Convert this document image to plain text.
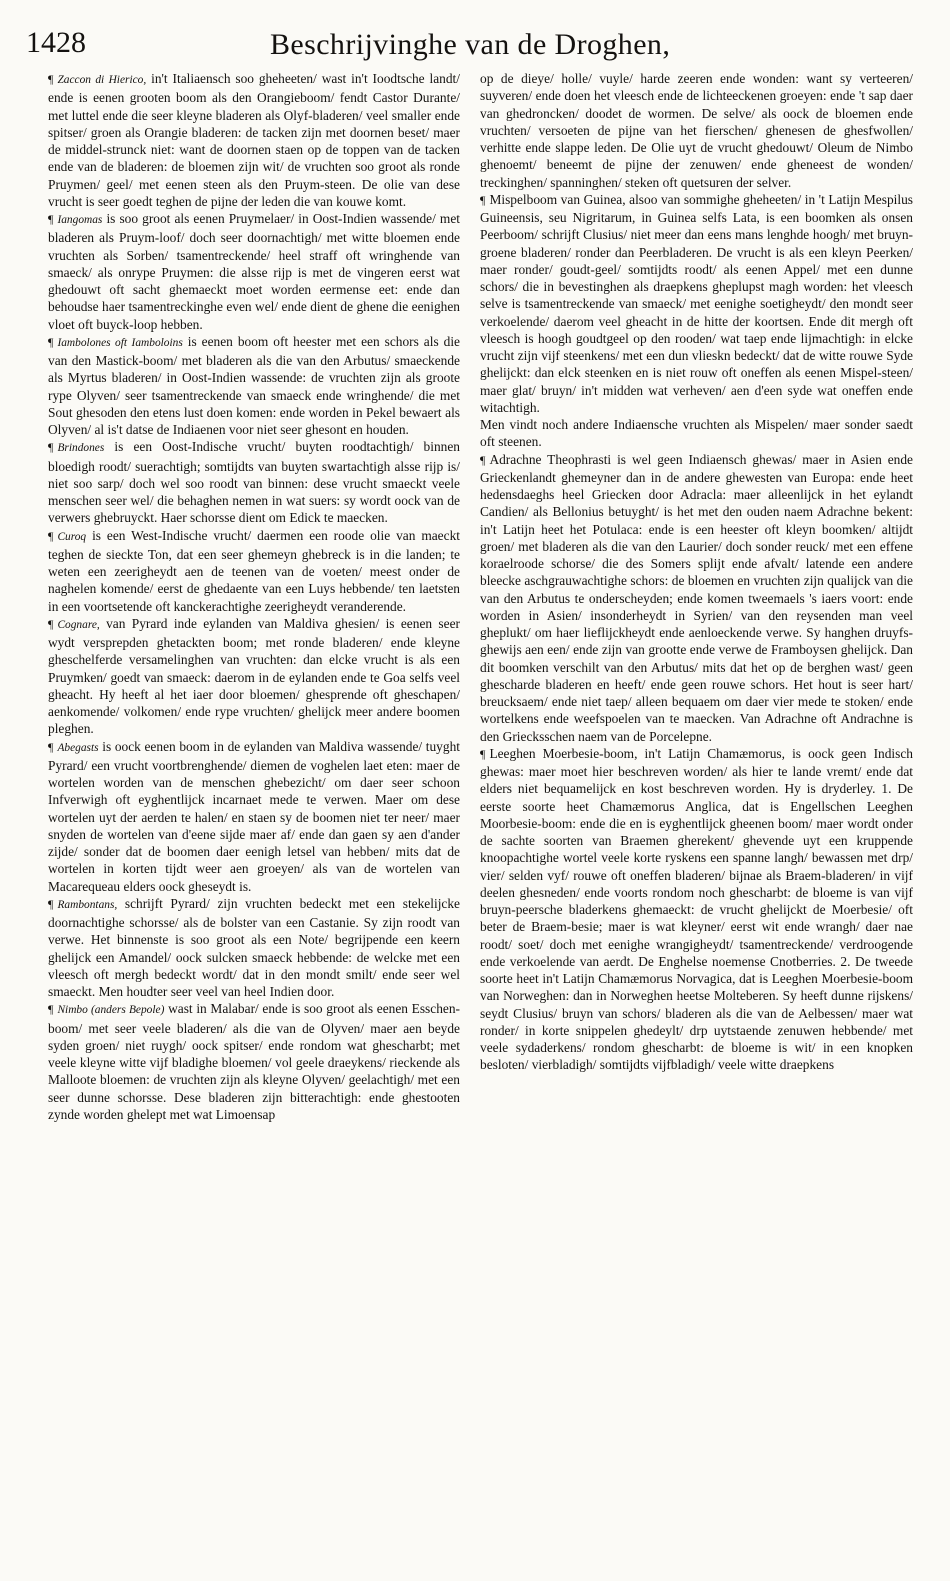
1428	Beschrijvinghe van de Droghen,

¶ Zaccon di Hierico, in't Italiaensch soo gheheeten/ wast in't Ioodtsche landt/ ende is eenen grooten boom als den Orangieboom/ fendt Castor Durante/ met luttel ende die seer kleyne bladeren als Olyf-bladeren/ veel smaller ende spitser/ groen als Orangie bladeren: de tacken zijn met doornen beset/ maer de middel-strunck niet: want de doornen staen op de toppen van de tacken ende van de bladeren: de bloemen zijn wit/ de vruchten soo groot als ronde Pruymen/ geel/ met eenen steen als den Pruym-steen. De olie van dese vrucht is seer goedt teghen de pijne der leden die van kouwe komt.

¶ Iangomas is soo groot als eenen Pruymelaer/ in Oost-Indien wassende/ met bladeren als Pruym-loof/ doch seer doornachtigh/ met witte bloemen ende vruchten als Sorben/ tsamentreckende/ heel straff oft wringhende van smaeck/ als onrype Pruymen: die alsse rijp is met de vingeren eerst wat ghedouwt oft sacht ghemaeckt moet worden eermense eet: ende dan behoudse haer tsamentreckinghe even wel/ ende dient de ghene die eenighen vloet oft buyck-loop hebben.

¶ Iambolones oft Iamboloins is eenen boom oft heester met een schors als die van den Mastick-boom/ met bladeren als die van den Arbutus/ smaeckende als Myrtus bladeren/ in Oost-Indien wassende: de vruchten zijn als groote rype Olyven/ seer tsamentreckende van smaeck ende wringhende/ die met Sout ghesoden den etens lust doen komen: ende worden in Pekel bewaert als Olyven/ al is't datse de Indiaenen voor niet seer ghesont en houden.

¶ Brindones is een Oost-Indische vrucht/ buyten roodtachtigh/ binnen bloedigh roodt/ suerachtigh; somtijdts van buyten swartachtigh alsse rijp is/ niet soo sarp/ doch wel soo roodt van binnen: dese vrucht smaeckt veele menschen seer wel/ die behaghen nemen in wat suers: sy wordt oock van de verwers ghebruyckt. Haer schorsse dient om Edick te maecken.

¶ Curoq is een West-Indische vrucht/ daermen een roode olie van maeckt teghen de sieckte Ton, dat een seer ghemeyn ghebreck is in die landen; te weten een zeerigheydt aen de teenen van de voeten/ meest onder de naghelen komende/ eerst de ghedaente van een Luys hebbende/ ten laetsten in een voortsetende oft kanckerachtighe zeerigheydt veranderende.

¶ Cognare, van Pyrard inde eylanden van Maldiva ghesien/ is eenen seer wydt versprepden ghetackten boom; met ronde bladeren/ ende kleyne gheschelferde versamelinghen van vruchten: dan elcke vrucht is als een Pruymken/ goedt van smaeck: daerom in de eylanden ende te Goa selfs veel gheacht. Hy heeft al het iaer door bloemen/ ghesprende oft gheschapen/ aenkomende/ volkomen/ ende rype vruchten/ ghelijck meer andere boomen pleghen.

¶ Abegasts is oock eenen boom in de eylanden van Maldiva wassende/ tuyght Pyrard/ een vrucht voortbrenghende/ diemen de voghelen laet eten: maer de wortelen worden van de menschen ghebezicht/ om daer seer schoon Infverwigh oft eyghentlijck incarnaet mede te verwen. Maer om dese wortelen uyt der aerden te halen/ en staen sy de boomen niet ter neer/ maer snyden de wortelen van d'eene sijde maer af/ ende dan gaen sy aen d'ander zijde/ sonder dat de boomen daer eenigh letsel van hebben/ mits dat de wortelen in korten tijdt weer aen groeyen/ als van de wortelen van Macarequeau elders oock gheseydt is.

¶ Rambontans, schrijft Pyrard/ zijn vruchten bedeckt met een stekelijcke doornachtighe schorsse/ als de bolster van een Castanie. Sy zijn roodt van verwe. Het binnenste is soo groot als een Note/ begrijpende een keern ghelijck een Amandel/ oock sulcken smaeck hebbende: de welcke met een vleesch oft mergh bedeckt wordt/ dat in den mondt smilt/ ende seer wel smaeckt. Men houdter seer veel van heel Indien door.

¶ Nimbo (anders Bepole) wast in Malabar/ ende is soo groot als eenen Esschen-boom/ met seer veele bladeren/ als die van de Olyven/ maer aen beyde syden groen/ niet ruygh/ oock spitser/ ende rondom wat ghescharbt; met veele kleyne witte vijf bladighe bloemen/ vol geele draeykens/ rieckende als Malloote bloemen: de vruchten zijn als kleyne Olyven/ geelachtigh/ met een seer dunne schorsse. Dese bladeren zijn bitterachtigh: ende ghestooten zynde worden ghelept met wat Limoensap

op de dieye/ holle/ vuyle/ harde zeeren ende wonden: want sy verteeren/ suyveren/ ende doen het vleesch ende de lichteeckenen groeyen: ende 't sap daer van ghedroncken/ doodet de wormen. De selve/ als oock de bloemen ende vruchten/ versoeten de pijne van het fierschen/ ghenesen de ghesfwollen/ verhitte ende slappe leden. De Olie uyt de vrucht ghedouwt/ Oleum de Nimbo ghenoemt/ beneemt de pijne der zenuwen/ ende gheneest de wonden/ treckinghen/ spanninghen/ steken oft quetsuren der selver.

¶ Mispelboom van Guinea, alsoo van sommighe gheheeten/ in 't Latijn Mespilus Guineensis, seu Nigritarum, in Guinea selfs Lata, is een boomken als onsen Peerboom/ schrijft Clusius/ niet meer dan eens mans lenghde hoogh/ met bruyn-groene bladeren/ ronder dan Peerbladeren. De vrucht is als een kleyn Peerken/ maer ronder/ goudt-geel/ somtijdts roodt/ als eenen Appel/ met een dunne schors/ die in bevestinghen als draepkens gheplupst magh worden: het vleesch selve is tsamentreckende van smaeck/ met eenighe soetigheydt/ den mondt seer verkoelende/ daerom veel gheacht in de hitte der koortsen. Ende dit mergh oft vleesch is hoogh goudtgeel op den rooden/ wat taep ende lijmachtigh: in elcke vrucht zijn vijf steenkens/ met een dun vlieskn bedeckt/ dat de witte rouwe Syde ghelijckt: dan elck steenken en is niet rouw oft oneffen als eenen Mispel-steen/ maer glat/ bruyn/ in't midden wat verheven/ aen d'een syde wat oneffen ende witachtigh.

Men vindt noch andere Indiaensche vruchten als Mispelen/ maer sonder saedt oft steenen.

¶ Adrachne Theophrasti is wel geen Indiaensch ghewas/ maer in Asien ende Grieckenlandt ghemeyner dan in de andere ghewesten van Europa: ende heet hedensdaeghs heel Griecken door Adracla: maer alleenlijck in het eylandt Candien/ als Bellonius betuyght/ is het met den ouden naem Adrachne bekent: in't Latijn heet het Potulaca: ende is een heester oft kleyn boomken/ altijdt groen/ met bladeren als die van den Laurier/ doch sonder reuck/ met een effene koraelroode schorse/ die des Somers splijt ende afvalt/ latende een andere bleecke aschgrauwachtighe schors: de bloemen en vruchten zijn qualijck van die van den Arbutus te onderscheyden; ende komen tweemaels 's iaers voort: ende worden in Asien/ insonderheydt in Syrien/ van den reysenden man veel gheplukt/ om haer lieflijckheydt ende aenloeckende verwe. Sy hanghen druyfs-ghewijs aen een/ ende zijn van grootte ende verwe de Framboysen ghelijck. Dan dit boomken verschilt van den Arbutus/ mits dat het op de berghen wast/ geen ghescharde bladeren en heeft/ ende geen rouwe schors. Het hout is seer hart/ breucksaem/ ende niet taep/ alleen bequaem om daer vier mede te stoken/ ende wortelkens ende weefspoelen van te maecken. Van Adrachne oft Andrachne is den Griecksschen naem van de Porcelepne.

¶ Leeghen Moerbesie-boom, in't Latijn Chamæmorus, is oock geen Indisch ghewas: maer moet hier beschreven worden/ als hier te lande vremt/ ende dat elders niet bequamelijck en kost beschreven worden. Hy is dryderley. 1. De eerste soorte heet Chamæmorus Anglica, dat is Engellschen Leeghen Moorbesie-boom: ende die en is eyghentlijck gheenen boom/ maer wordt onder de sachte soorten van Braemen gherekent/ ghevende uyt een kruppende knoopachtighe wortel veele korte ryskens een spanne langh/ bewassen met drp/ vier/ selden vyf/ rouwe oft oneffen bladeren/ bijnae als Braem-bladeren/ in vijf deelen ghesneden/ ende voorts rondom noch ghescharbt: de bloeme is van vijf bruyn-peersche bladerkens ghemaeckt: de vrucht ghelijckt de Moerbesie/ oft beter de Braem-besie; maer is wat kleyner/ eerst wit ende wrangh/ daer nae roodt/ soet/ doch met eenighe wrangigheydt/ tsamentreckende/ verdroogende ende verkoelende van aerdt. De Enghelse noemense Cnotberries. 2. De tweede soorte heet in't Latijn Chamæmorus Norvagica, dat is Leeghen Moerbesie-boom van Norweghen: dan in Norweghen heetse Molteberen. Sy heeft dunne rijskens/ seydt Clusius/ bruyn van schors/ bladeren als die van de Aelbessen/ maer wat ronder/ in korte snippelen ghedeylt/ drp uytstaende zenuwen hebbende/ met veele sydaderkens/ rondom ghescharbt: de bloeme is wit/ in een knopken besloten/ vierbladigh/ somtijdts vijfbladigh/ veele witte draepkens
